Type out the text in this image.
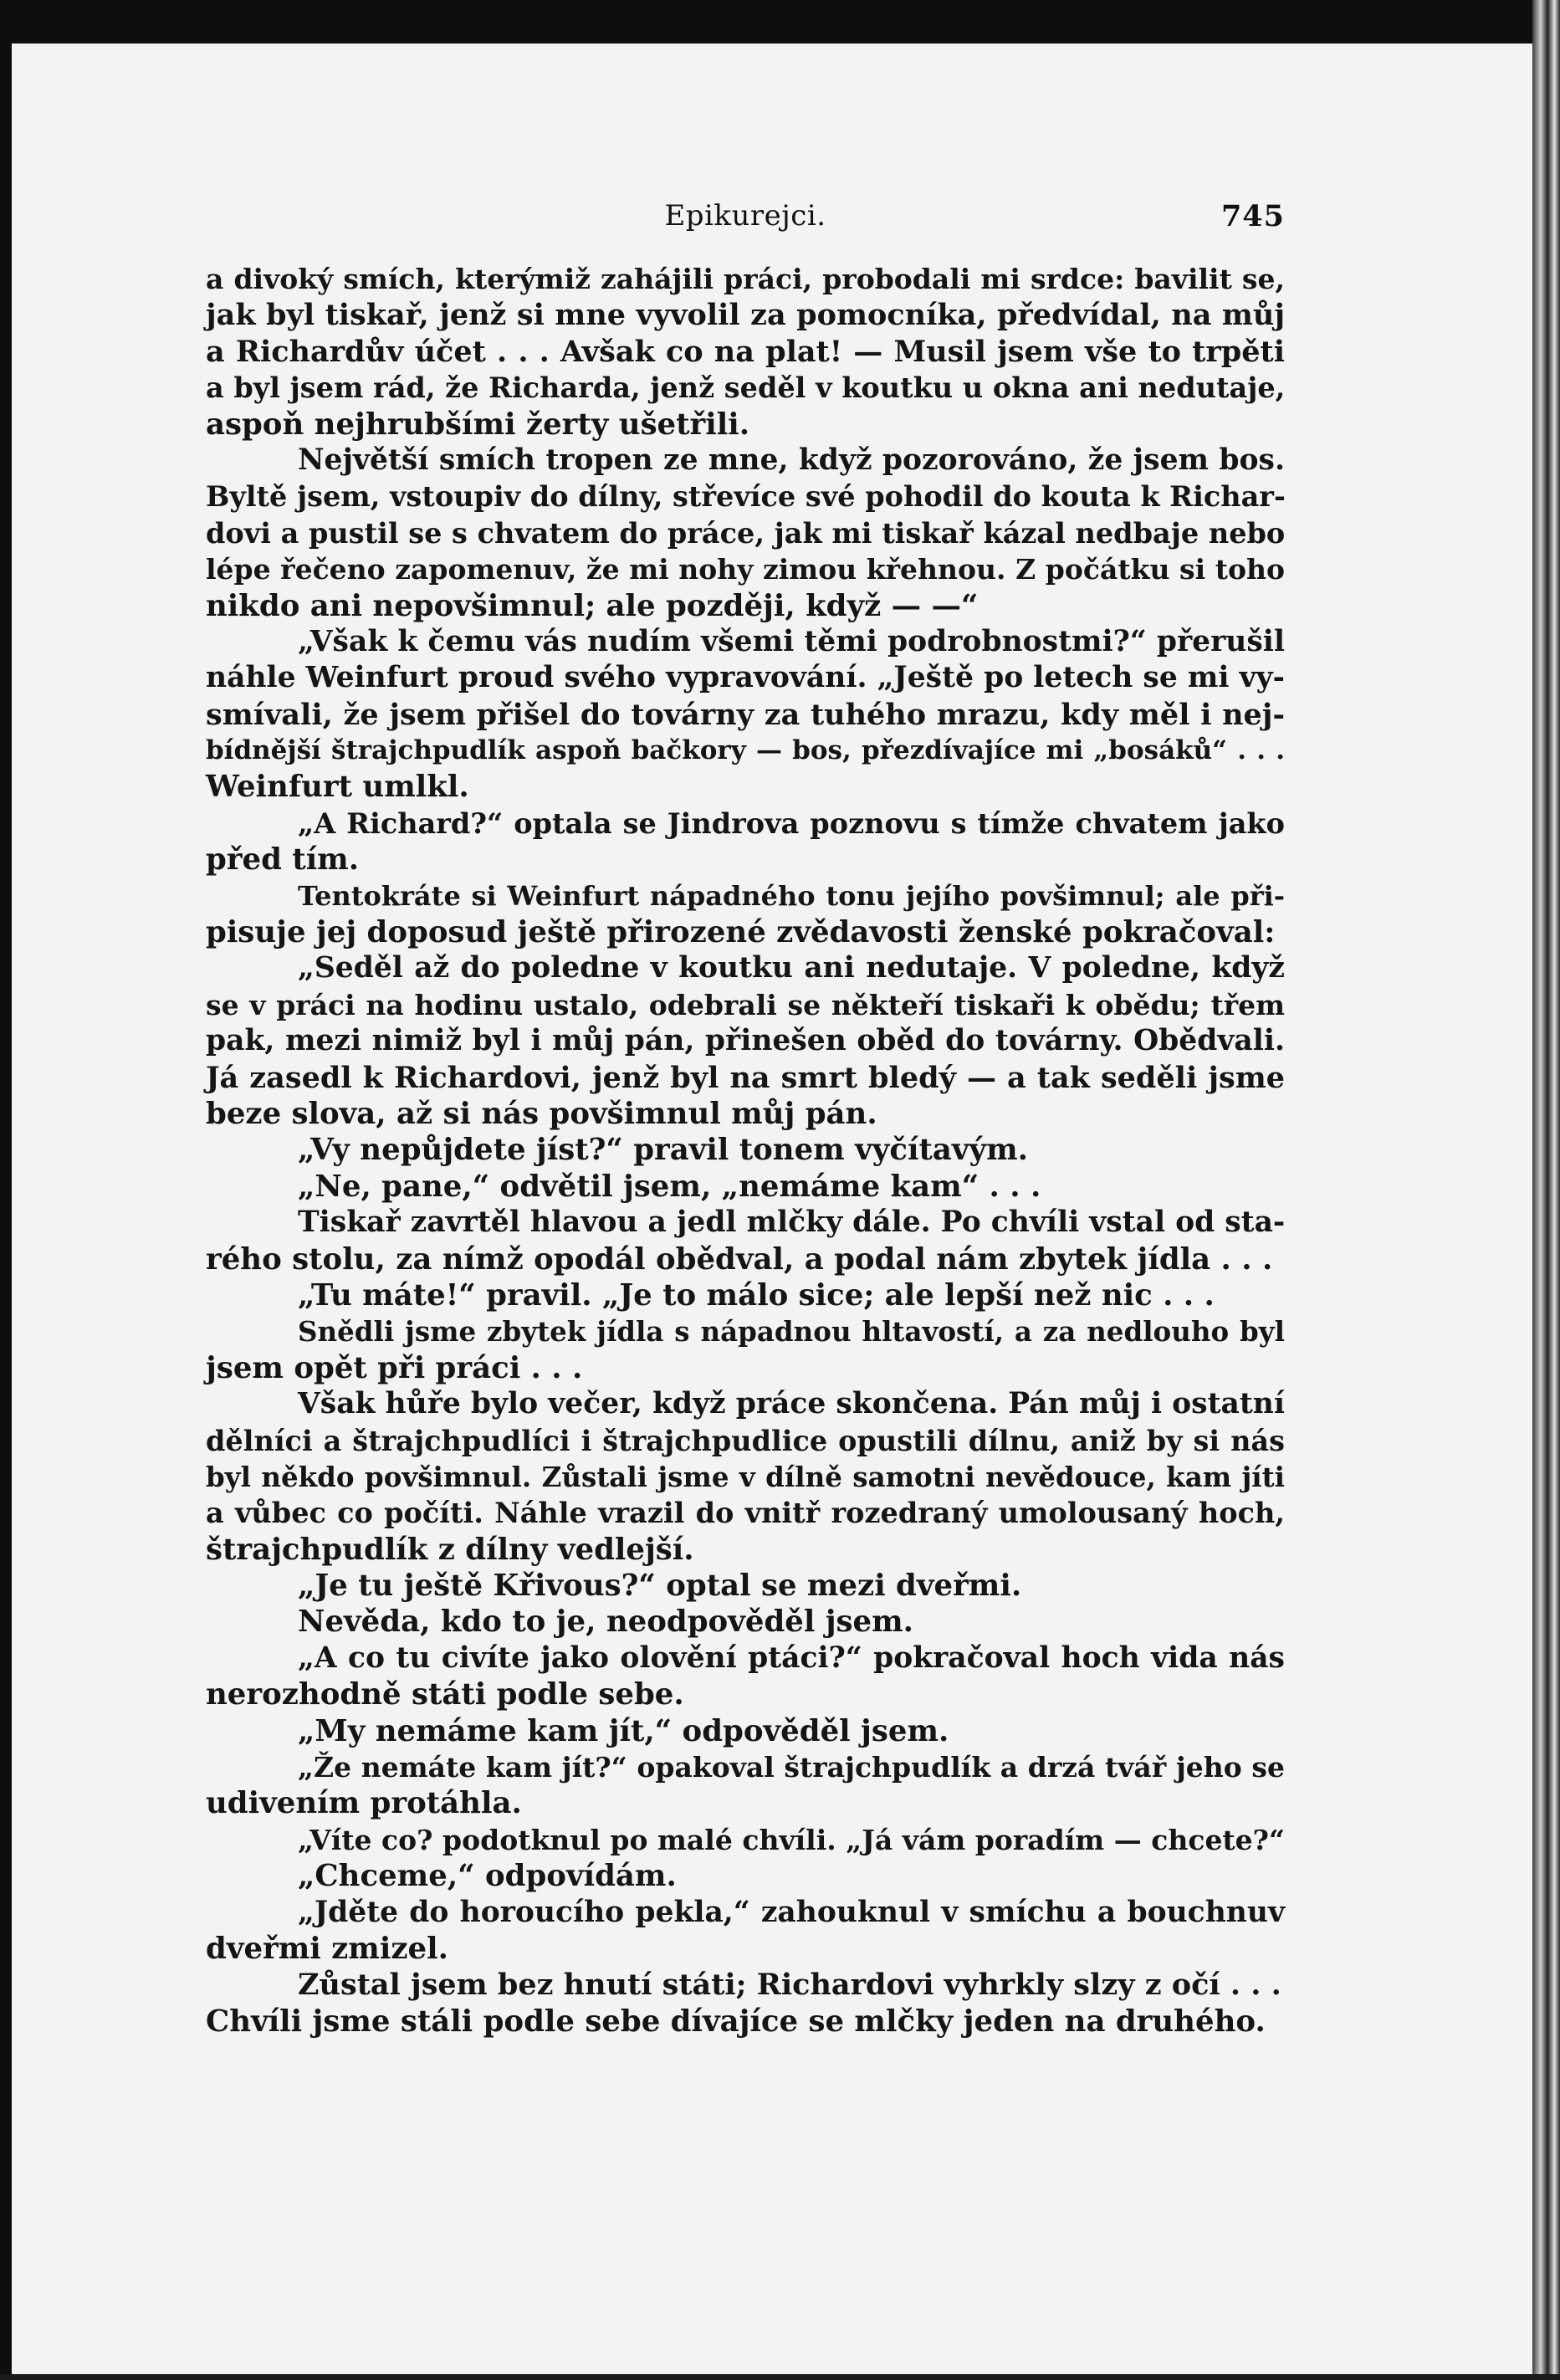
Epikurejci.	745
a divoký smích, kterýmiž zahájili práci, probodali mi srdce: bavilit se,
jak byl tiskař, jenž si mne vyvolil za pomocníka, předvídal, na můj
a Richardův účet . . . Avšak co na plat! — Musil jsem vše to trpěti
a byl jsem rád, že Richarda, jenž seděl v koutku u okna ani nedutaje,
aspoň nejhrubšími žerty ušetřili.
Největší smích tropen ze mne, když pozorováno, že jsem bos.
Byltě jsem, vstoupiv do dílny, střevíce své pohodil do kouta k Richar-
dovi a pustil se s chvatem do práce, jak mi tiskař kázal nedbaje nebo
lépe řečeno zapomenuv, že mi nohy zimou křehnou. Z počátku si toho
nikdo ani nepovšimnul; ale později, když — —“
„Však k čemu vás nudím všemi těmi podrobnostmi?“ přerušil
náhle Weinfurt proud svého vypravování. „Ještě po letech se mi vy-
smívali, že jsem přišel do továrny za tuhého mrazu, kdy měl i nej-
bídnější štrajchpudlík aspoň bačkory — bos, přezdívajíce mi „bosáků“ . . .
Weinfurt umlkl.
„A Richard?“ optala se Jindrova poznovu s tímže chvatem jako
před tím.
Tentokráte si Weinfurt nápadného tonu jejího povšimnul; ale při-
pisuje jej doposud ještě přirozené zvědavosti ženské pokračoval:
„Seděl až do poledne v koutku ani nedutaje. V poledne, když
se v práci na hodinu ustalo, odebrali se někteří tiskaři k obědu; třem
pak, mezi nimiž byl i můj pán, přinešen oběd do továrny. Obědvali.
Já zasedl k Richardovi, jenž byl na smrt bledý — a tak seděli jsme
beze slova, až si nás povšimnul můj pán.
„Vy nepůjdete jíst?“ pravil tonem vyčítavým.
„Ne, pane,“ odvětil jsem, „nemáme kam“ . . .
Tiskař zavrtěl hlavou a jedl mlčky dále. Po chvíli vstal od sta-
rého stolu, za nímž opodál obědval, a podal nám zbytek jídla . . .
„Tu máte!“ pravil. „Je to málo sice; ale lepší než nic . . .
Snědli jsme zbytek jídla s nápadnou hltavostí, a za nedlouho byl
jsem opět při práci . . .
Však hůře bylo večer, když práce skončena. Pán můj i ostatní
dělníci a štrajchpudlíci i štrajchpudlice opustili dílnu, aniž by si nás
byl někdo povšimnul. Zůstali jsme v dílně samotni nevědouce, kam jíti
a vůbec co počíti. Náhle vrazil do vnitř rozedraný umolousaný hoch,
štrajchpudlík z dílny vedlejší.
„Je tu ještě Křivous?“ optal se mezi dveřmi.
Nevěda, kdo to je, neodpověděl jsem.
„A co tu civíte jako olovění ptáci?“ pokračoval hoch vida nás
nerozhodně státi podle sebe.
„My nemáme kam jít,“ odpověděl jsem.
„Že nemáte kam jít?“ opakoval štrajchpudlík a drzá tvář jeho se
udivením protáhla.
„Víte co? podotknul po malé chvíli. „Já vám poradím — chcete?“
„Chceme,“ odpovídám.
„Jděte do horoucího pekla,“ zahouknul v smíchu a bouchnuv
dveřmi zmizel.
Zůstal jsem bez hnutí státi; Richardovi vyhrkly slzy z očí . . .
Chvíli jsme stáli podle sebe dívajíce se mlčky jeden na druhého.
